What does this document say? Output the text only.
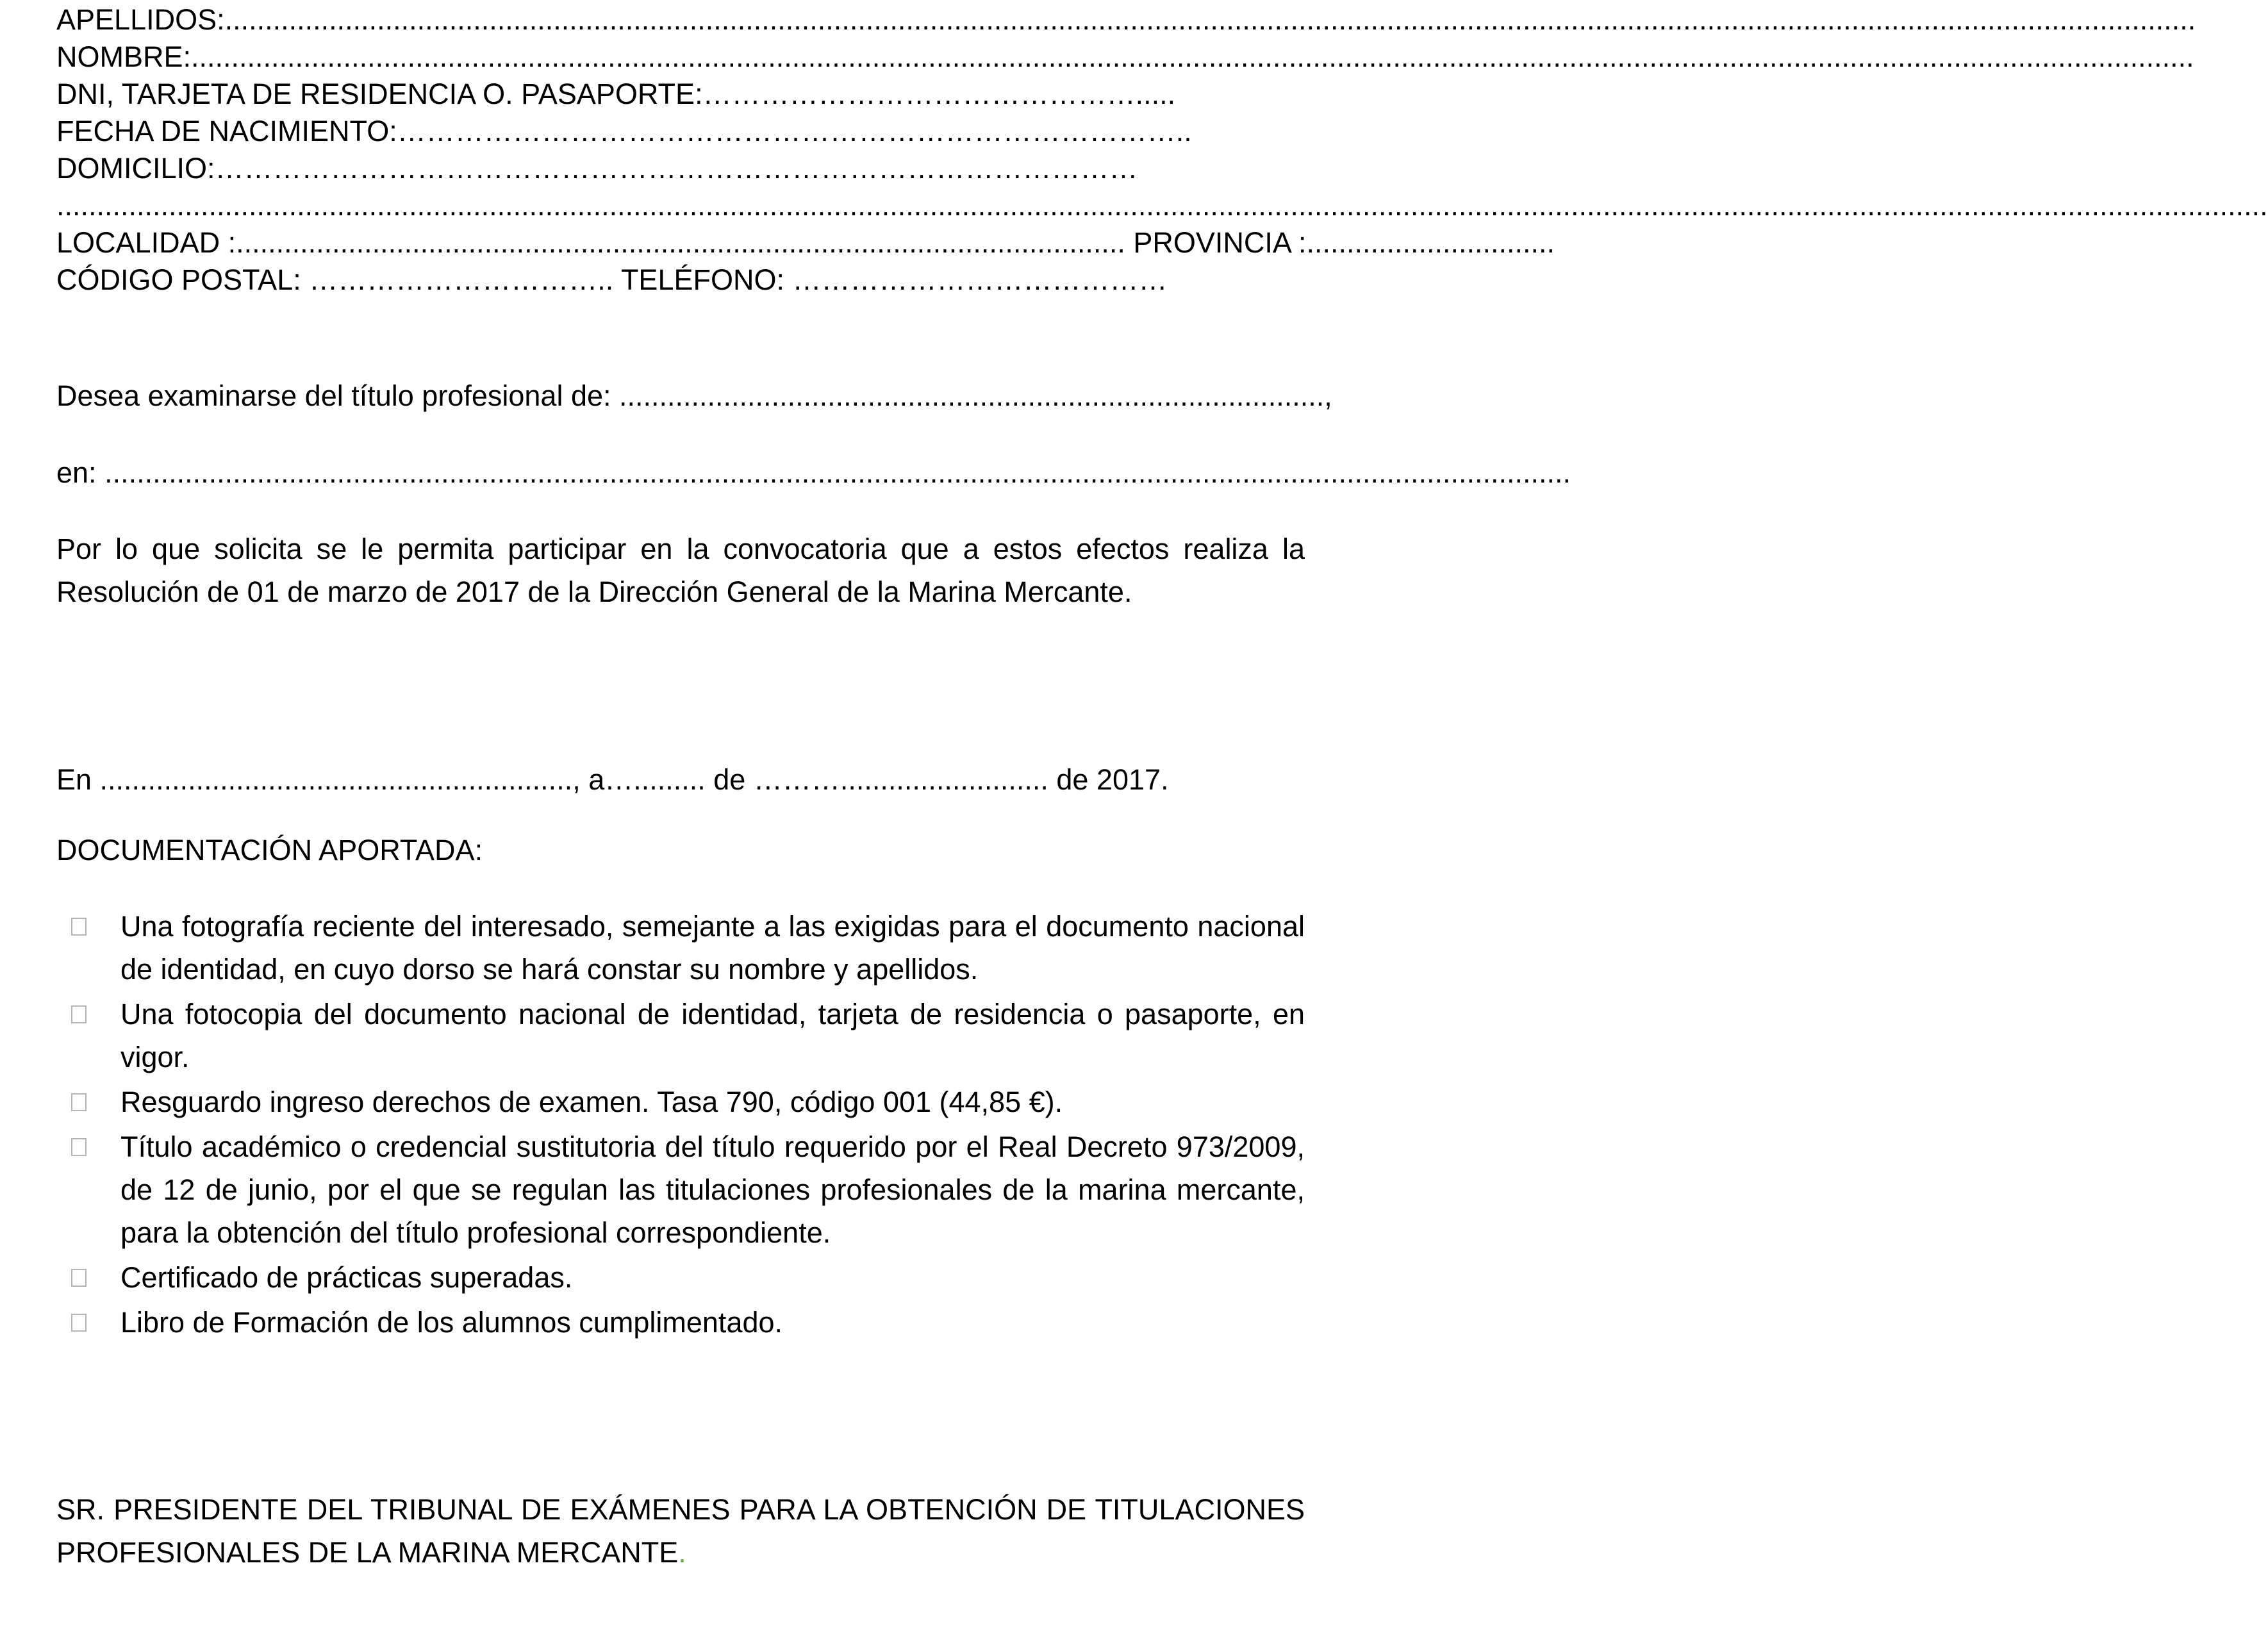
APELLIDOS:......................................................................................................................................................................................................................................................
NOMBRE:..........................................................................................................................................................................................................................................................
DNI, TARJETA DE RESIDENCIA O. PASAPORTE:……………………………………….....
FECHA DE NACIMIENTO:………………………………………………………………………..
DOMICILIO:……………………………………………………………………………………
....................................................................................................................................................................................................................................................................................
LOCALIDAD :............................................................................................................... PROVINCIA :...............................
CÓDIGO POSTAL: ………………………….. TELÉFONO: …………………………………
Desea examinarse del título profesional de: ........................................................................................,
en: .......................................................................................................................................................................................

Por lo que solicita se le permita participar en la convocatoria que a estos efectos realiza la Resolución de 01 de marzo de 2017 de la Dirección General de la Marina Mercante.

En ..........................................................., a…......... de ……….......................... de 2017.
DOCUMENTACIÓN APORTADA:
Una fotografía reciente del interesado, semejante a las exigidas para el documento nacional de identidad, en cuyo dorso se hará constar su nombre y apellidos.
Una fotocopia del documento nacional de identidad, tarjeta de residencia o pasaporte, en vigor.
Resguardo ingreso derechos de examen. Tasa 790, código 001 (44,85 €).
Título académico o credencial sustitutoria del título requerido por el Real Decreto 973/2009, de 12 de junio, por el que se regulan las titulaciones profesionales de la marina mercante, para la obtención del título profesional correspondiente.
Certificado de prácticas superadas.
Libro de Formación de los alumnos cumplimentado.

SR. PRESIDENTE DEL TRIBUNAL DE EXÁMENES PARA LA OBTENCIÓN DE TITULACIONES PROFESIONALES DE LA MARINA MERCANTE.
